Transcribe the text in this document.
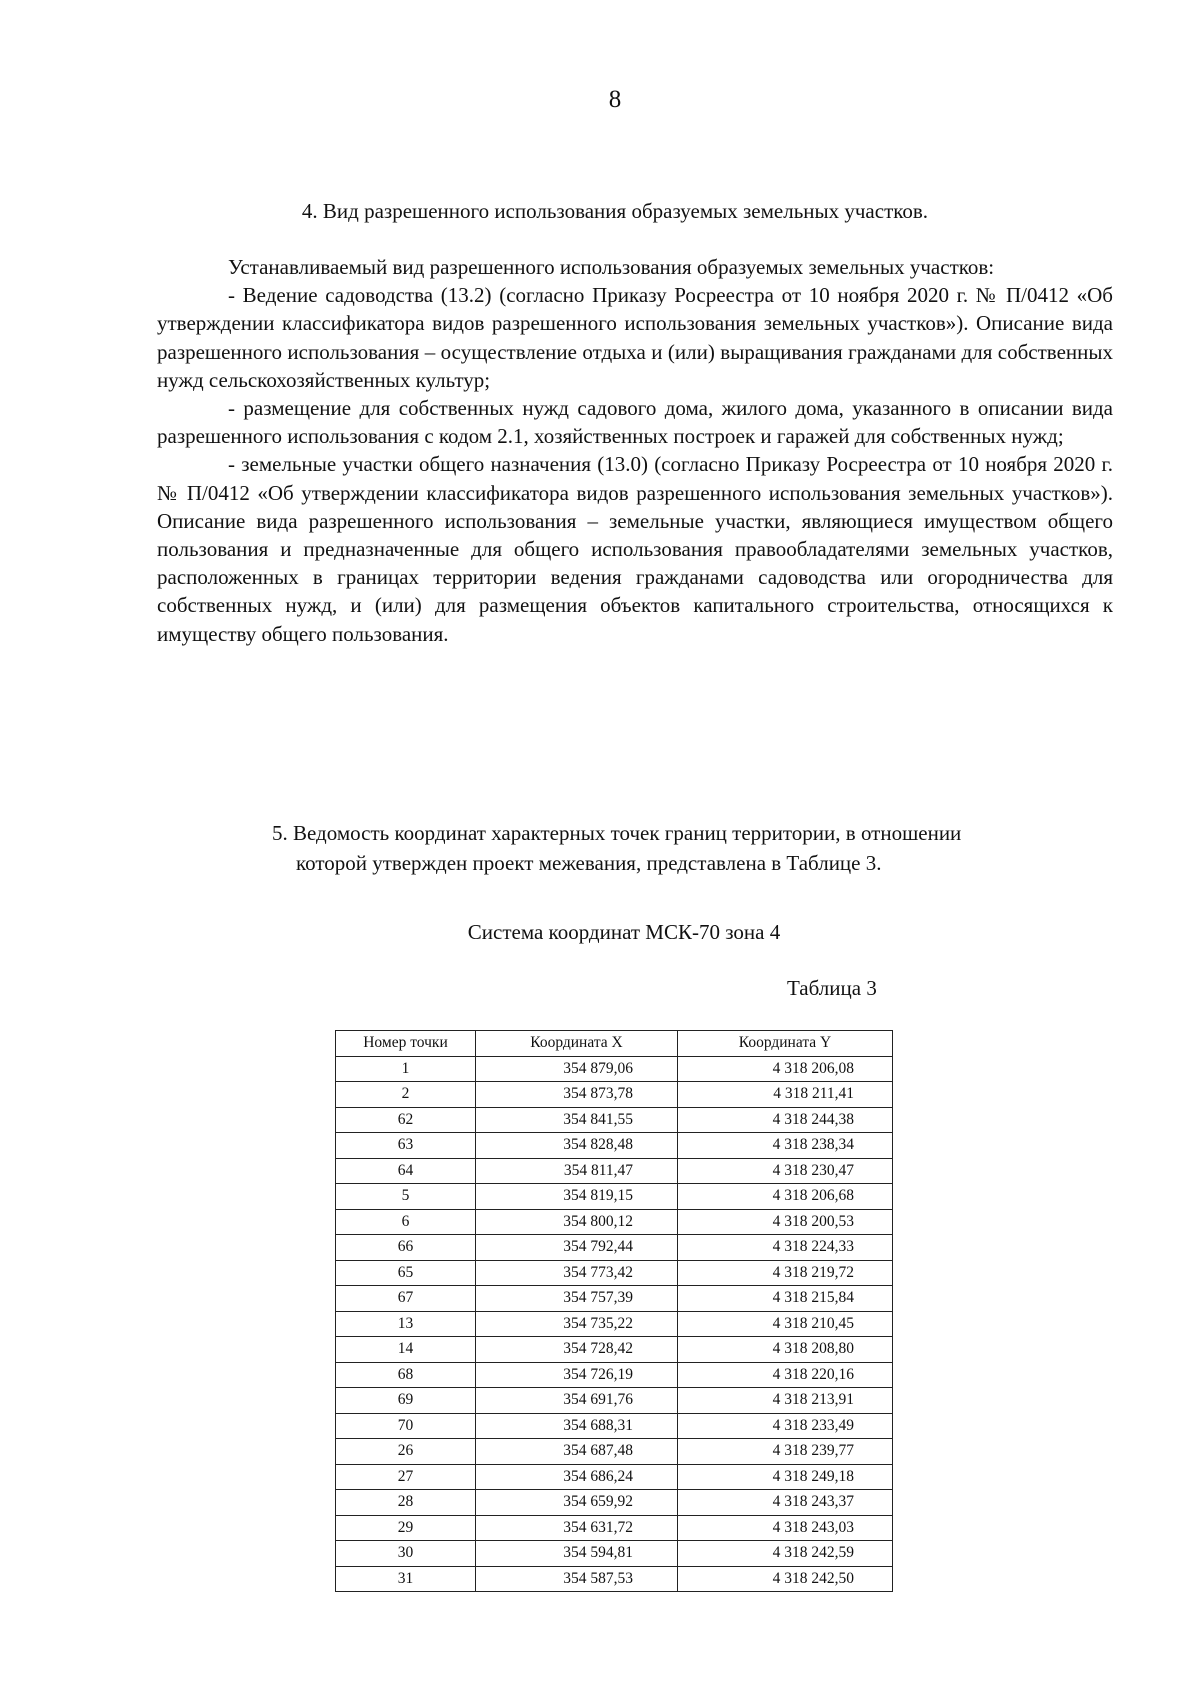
8
4. Вид разрешенного использования образуемых земельных участков.

Устанавливаемый вид разрешенного использования образуемых земельных участков:

- Ведение садоводства (13.2) (согласно Приказу Росреестра от 10 ноября 2020 г. № П/0412 «Об утверждении классификатора видов разрешенного использования земельных участков»). Описание вида разрешенного использования – осуществление отдыха и (или) выращивания гражданами для собственных нужд сельскохозяйственных культур;

- размещение для собственных нужд садового дома, жилого дома, указанного в описании вида разрешенного использования с кодом 2.1, хозяйственных построек и гаражей для собственных нужд;

- земельные участки общего назначения (13.0) (согласно Приказу Росреестра от 10 ноября 2020 г. № П/0412 «Об утверждении классификатора видов разрешенного использования земельных участков»). Описание вида разрешенного использования – земельные участки, являющиеся имуществом общего пользования и предназначенные для общего использования правообладателями земельных участков, расположенных в границах территории ведения гражданами садоводства или огородничества для собственных нужд, и (или) для размещения объектов капитального строительства, относящихся к имуществу общего пользования.

5. Ведомость координат характерных точек границ территории, в отношении
которой утвержден проект межевания, представлена в Таблице 3.
Система координат МСК-70 зона 4
Таблица 3
Номер точки	Координата X	Координата Y
1	354 879,06	4 318 206,08
2	354 873,78	4 318 211,41
62	354 841,55	4 318 244,38
63	354 828,48	4 318 238,34
64	354 811,47	4 318 230,47
5	354 819,15	4 318 206,68
6	354 800,12	4 318 200,53
66	354 792,44	4 318 224,33
65	354 773,42	4 318 219,72
67	354 757,39	4 318 215,84
13	354 735,22	4 318 210,45
14	354 728,42	4 318 208,80
68	354 726,19	4 318 220,16
69	354 691,76	4 318 213,91
70	354 688,31	4 318 233,49
26	354 687,48	4 318 239,77
27	354 686,24	4 318 249,18
28	354 659,92	4 318 243,37
29	354 631,72	4 318 243,03
30	354 594,81	4 318 242,59
31	354 587,53	4 318 242,50
